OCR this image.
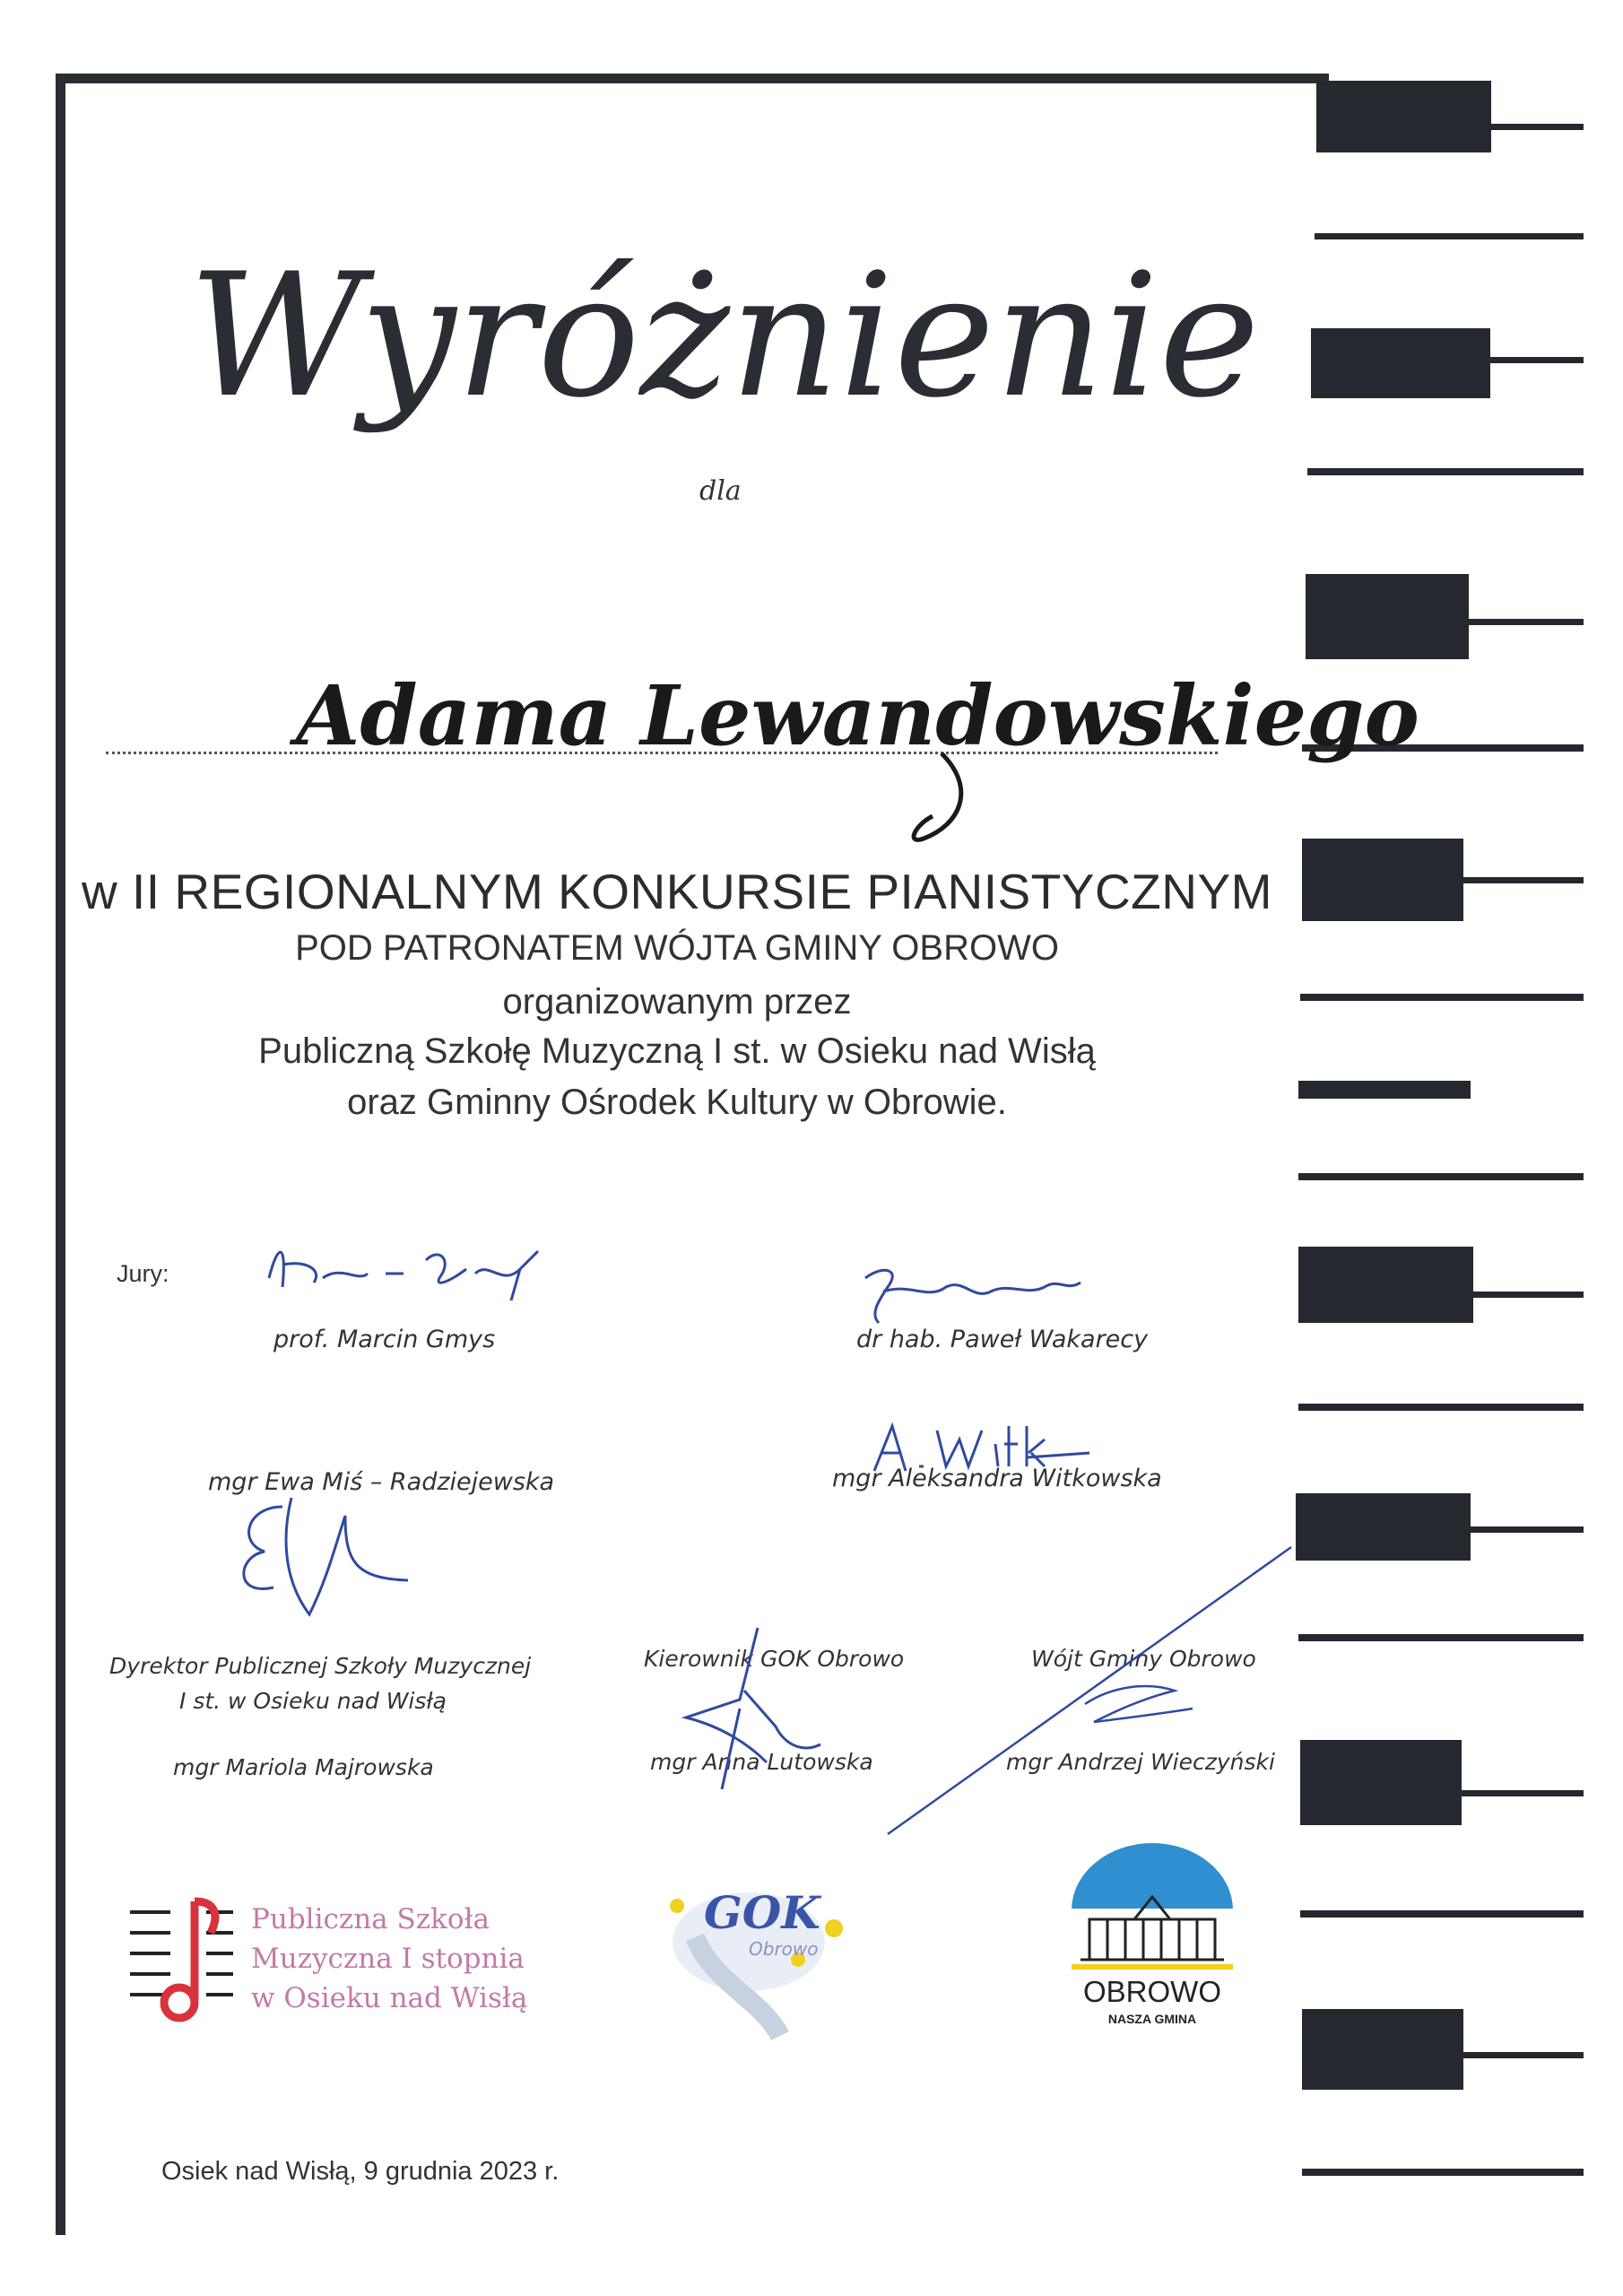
Wyróżnienie
dla
Adama Lewandowskiego
w II REGIONALNYM KONKURSIE PIANISTYCZNYM
POD PATRONATEM WÓJTA GMINY OBROWO
organizowanym przez
Publiczną Szkołę Muzyczną I st. w Osieku nad Wisłą
oraz Gminny Ośrodek Kultury w Obrowie.
Jury:
prof. Marcin Gmys	dr hab. Paweł Wakarecy
mgr Ewa Miś – Radziejewska	mgr Aleksandra Witkowska
Dyrektor Publicznej Szkoły Muzycznej
I st. w Osieku nad Wisłą
mgr Mariola Majrowska
Kierownik GOK Obrowo
mgr Anna Lutowska
Wójt Gminy Obrowo
mgr Andrzej Wieczyński
Publiczna Szkoła
Muzyczna I stopnia
w Osieku nad Wisłą
GOK
Obrowo
OBROWO
NASZA GMINA
Osiek nad Wisłą, 9 grudnia 2023 r.
